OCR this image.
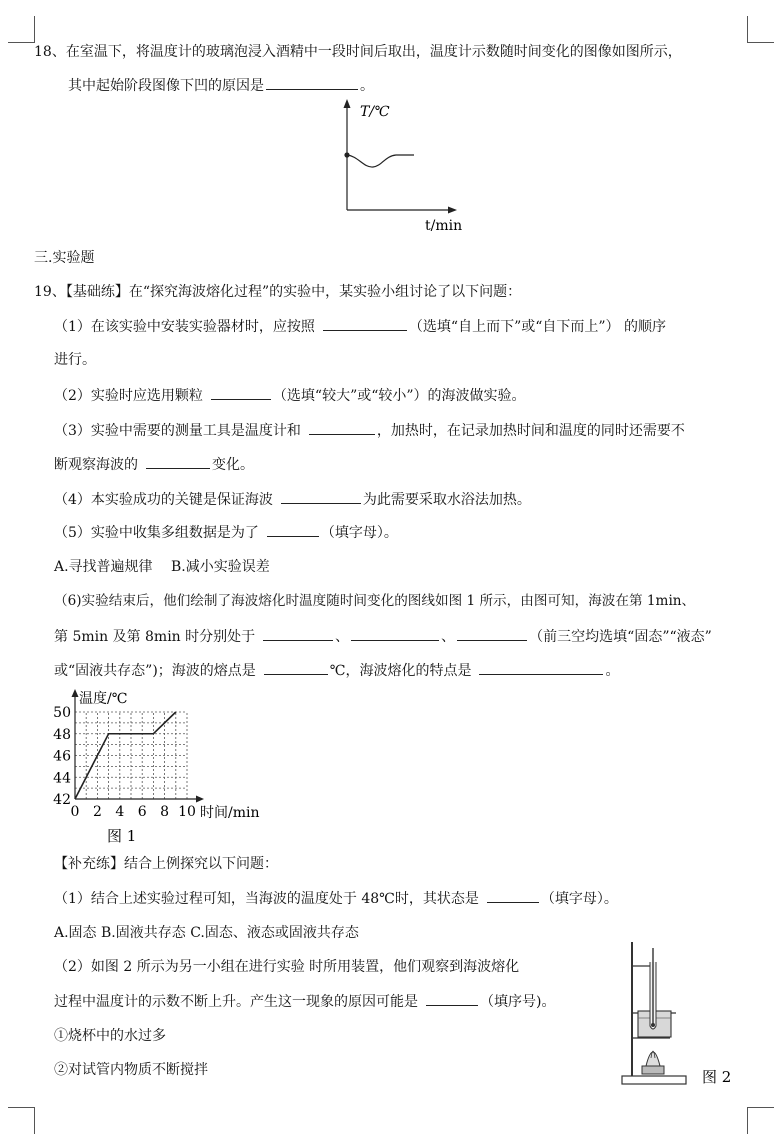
18、在室温下，将温度计的玻璃泡浸入酒精中一段时间后取出，温度计示数随时间变化的图像如图所示，
其中起始阶段图像下凹的原因是	。
T/℃
t/min
三.实验题
19、【基础练】在“探究海波熔化过程”的实验中，某实验小组讨论了以下问题：
（1）在该实验中安装实验器材时，应按照	（选填“自上而下”或“自下而上”） 的顺序
进行。
（2）实验时应选用颗粒	（选填“较大”或“较小”）的海波做实验。
（3）实验中需要的测量工具是温度计和	，加热时，在记录加热时间和温度的同时还需要不
断观察海波的	变化。
（4）本实验成功的关键是保证海波	为此需要采取水浴法加热。
（5）实验中收集多组数据是为了	（填字母）。
A.寻找普遍规律　 B.减小实验误差
（6)实验结束后，他们绘制了海波熔化时温度随时间变化的图线如图 1 所示，由图可知，海波在第 1min、
第 5min 及第 8min 时分别处于	、	、	（前三空均选填“固态”“液态”
或“固液共存态”)；海波的熔点是	℃，海波熔化的特点是	。
0 2 4 6 8 10
42
44
46
48
50
温度/℃
时间/min
图 1
【补充练】结合上例探究以下问题：
（1）结合上述实验过程可知，当海波的温度处于 48℃时，其状态是	（填字母）。
A.固态 B.固液共存态 C.固态、液态或固液共存态
（2）如图 2 所示为另一小组在进行实验 时所用装置，他们观察到海波熔化
过程中温度计的示数不断上升。产生这一现象的原因可能是	（填序号)。
①烧杯中的水过多
②对试管内物质不断搅拌	图 2
